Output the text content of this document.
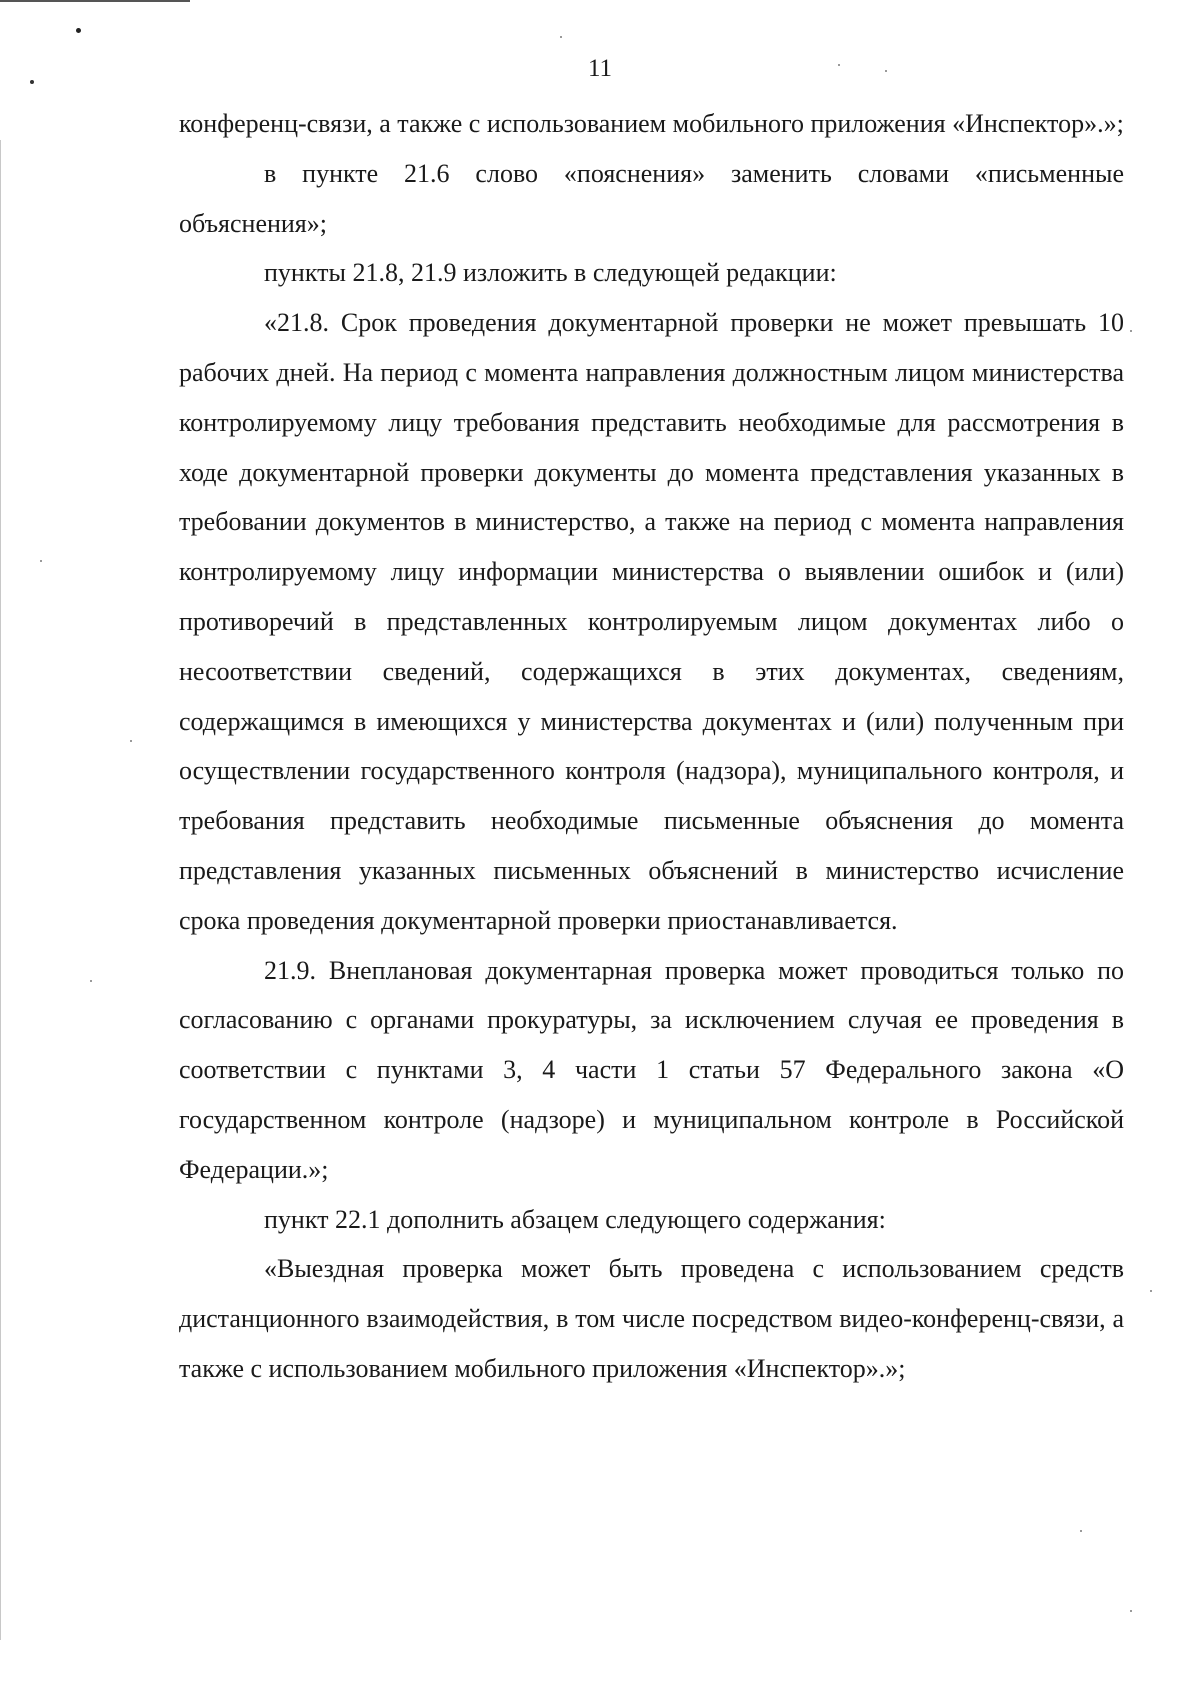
11

конференц-связи, а также с использованием мобильного приложения «Инспектор».»;

в пункте 21.6 слово «пояснения» заменить словами «письменные объяснения»;

пункты 21.8, 21.9 изложить в следующей редакции:

«21.8. Срок проведения документарной проверки не может превышать 10 рабочих дней. На период с момента направления должностным лицом министерства контролируемому лицу требования представить необходимые для рассмотрения в ходе документарной проверки документы до момента представления указанных в требовании документов в министерство, а также на период с момента направления контролируемому лицу информации министерства о выявлении ошибок и (или) противоречий в представленных контролируемым лицом документах либо о несоответствии сведений, содержащихся в этих документах, сведениям, содержащимся в имеющихся у министерства документах и (или) полученным при осуществлении государственного контроля (надзора), муниципального контроля, и требования представить необходимые письменные объяснения до момента представления указанных письменных объяснений в министерство исчисление срока проведения документарной проверки приостанавливается.

21.9. Внеплановая документарная проверка может проводиться только по согласованию с органами прокуратуры, за исключением случая ее проведения в соответствии с пунктами 3, 4 части 1 статьи 57 Федерального закона «О государственном контроле (надзоре) и муниципальном контроле в Российской Федерации.»;

пункт 22.1 дополнить абзацем следующего содержания:

«Выездная проверка может быть проведена с использованием средств дистанционного взаимодействия, в том числе посредством видео-конференц-связи, а также с использованием мобильного приложения «Инспектор».»;
